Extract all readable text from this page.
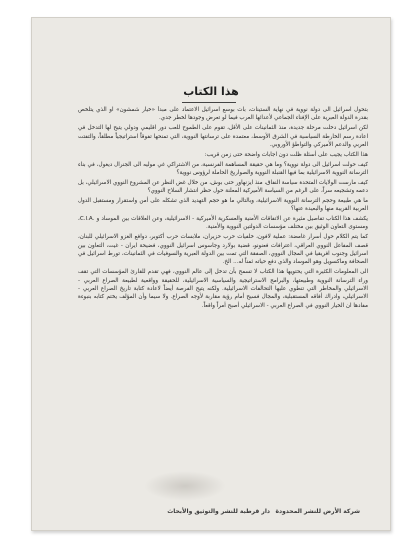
هذا الكتاب

بتحول اسرائيل الى دولة نووية في نهاية الستينات، بات بوسع اسرائيل الاعتماد على مبدأ «خيار شمشون» او الذي يتلخص بقدرة الدولة العبرية على الإفناء الجماعي لأعدائها العرب فيما لو تعرض وجودها لخطر جدي.

لكن اسرائيل دخلت مرحلة جديدة، منذ الثمانينات على الأقل، تقوم على الطموح للعب دور اقليمي ودولي يتيح لها التدخل في اعادة رسم الخارطة السياسية في الشرق الأوسط، معتمدة على ترسانتها النووية، التي تمنحها تفوقاً استراتيجياً مطلقاً، والتفتت العربي والدعم الأميركي والتواطؤ الأوروبي.

هذا الكتاب يجيب على أسئلة ظلت دون اجابات واضحة حتى زمن قريب:

كيف حولت اسرائيل الى دولة نووية؟ وما هي حقيقة المساهمة الفرنسية، من الاشتراكي غي موليه الى الجنرال ديغول، في بناء الترسانة النووية الاسرائيلية بما فيها القنبلة النووية والصواريخ الحاملة لرؤوس نووية؟

كيف مارست الولايات المتحدة سياسة النفاق، منذ ايزنهاور حتى بوش، من خلال غض النظر عن المشروع النووي الاسرائيلي، بل دعمه وتشجيعه سراً، على الرغم من السياسة الأميركية المعلنة حول حظر انتشار السلاح النووي؟

ما هي طبيعة وحجم الترسانة النووية الاسرائيلية، وبالتالي ما هو حجم التهديد الذي تشكله على أمن واستقرار ومستقبل الدول العربية القريبة منها والبعيدة عنها؟

يكشف هذا الكتاب تفاصيل مثيرة عن الاتفاقات الأمنية والعسكرية الأميركية - الاسرائيلية، وعن العلاقات بين الموساد و .C.I.A، ومستوى التعاون الوثيق بين مختلف مؤسسات الدولتين النووية والأمنية.

كما يتم الكلام حول أسرار غامضة: عملية لافون، خلفيات حرب حزيران، ملابسات حرب أكتوبر، دوافع الغزو الاسرائيلي للبنان، قصف المفاعل النووي العراقي، اعترافات فعنونو، قضية بولارد وجاسوس اسرائيل النووي، فضيحة ايران - غيت، التعاون بين اسرائيل وجنوب افريقيا في المجال النووي، الصفقة التي تمت بين الدولة العبرية والسوفيات في الثمانينات، تورط اسرائيل في الصحافة وماكسويل وهو الموساد والذي دفع حياته ثمناً له... الخ.

الى المعلومات الكثيرة التي يحتويها هذا الكتاب لا تسمح بأن تدخل إلى عالم النووي، فهي تقدم للقارئ المؤسسات التي تقف وراء الترسانة النووية وطبيعتها، والبرامج الاستراتيجية والسياسية الاسرائيلية، للحقيقة وواقعية لطبيعة الصراع العربي - الاسرائيلي والمخاطر التي تنطوي عليها التحالفات الاسرائيلية. ولكنه يتيح الفرصة أيضاً لاعادة كتابة تاريخ الصراع العربي - الاسرائيلي، وادراك أفاقه المستقبلية، والمجال فسيح أمام رؤية مقاربة لأوجه الصراع. ولا سيما وأن المؤلف يختم كتابه بنبوءة مفادها ان الخيار النووي في الصراع العربي - الاسرائيلي أصبح أمراً واقعاً.

دار قرطبة للنشر والتوثيق والأبحاث شركة الأرض للنشر المحدودة
